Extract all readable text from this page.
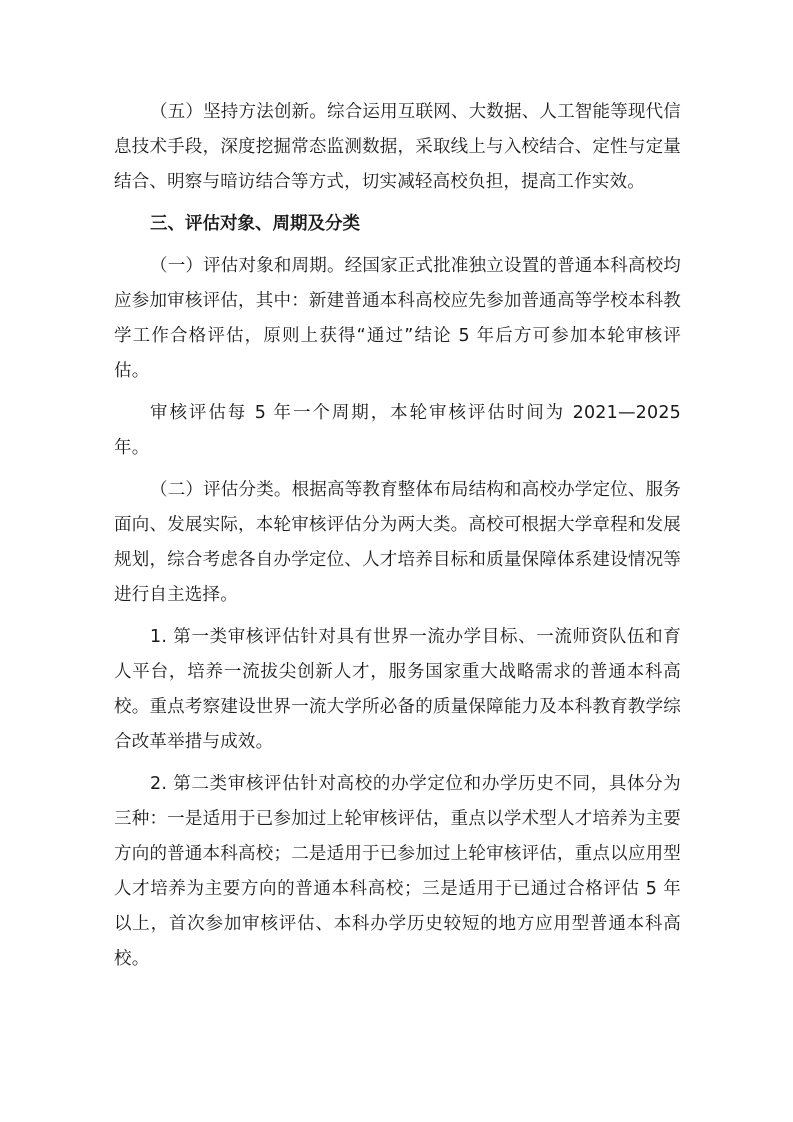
（五）坚持方法创新。综合运用互联网、大数据、人工智能等现代信息技术手段，深度挖掘常态监测数据，采取线上与入校结合、定性与定量结合、明察与暗访结合等方式，切实减轻高校负担，提高工作实效。

三、评估对象、周期及分类

（一）评估对象和周期。经国家正式批准独立设置的普通本科高校均应参加审核评估，其中：新建普通本科高校应先参加普通高等学校本科教学工作合格评估，原则上获得“通过”结论 5 年后方可参加本轮审核评估。

审核评估每 5 年一个周期，本轮审核评估时间为 2021—2025 年。

（二）评估分类。根据高等教育整体布局结构和高校办学定位、服务面向、发展实际，本轮审核评估分为两大类。高校可根据大学章程和发展规划，综合考虑各自办学定位、人才培养目标和质量保障体系建设情况等进行自主选择。

1. 第一类审核评估针对具有世界一流办学目标、一流师资队伍和育人平台，培养一流拔尖创新人才，服务国家重大战略需求的普通本科高校。重点考察建设世界一流大学所必备的质量保障能力及本科教育教学综合改革举措与成效。

2. 第二类审核评估针对高校的办学定位和办学历史不同，具体分为三种：一是适用于已参加过上轮审核评估，重点以学术型人才培养为主要方向的普通本科高校；二是适用于已参加过上轮审核评估，重点以应用型人才培养为主要方向的普通本科高校；三是适用于已通过合格评估 5 年以上，首次参加审核评估、本科办学历史较短的地方应用型普通本科高校。
